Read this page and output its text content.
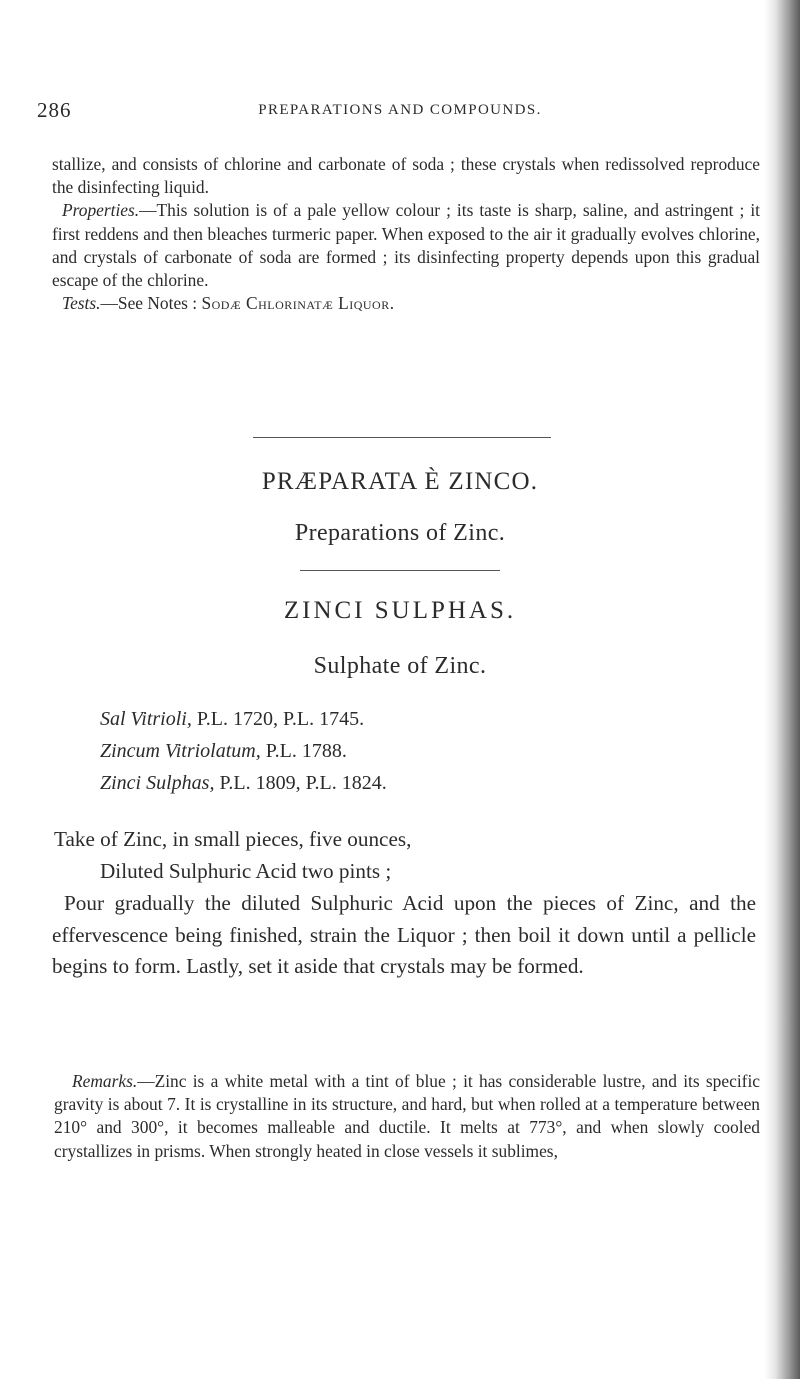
286	PREPARATIONS AND COMPOUNDS.

stallize, and consists of chlorine and carbonate of soda ; these crystals when redissolved reproduce the disinfecting liquid.
Properties.—This solution is of a pale yellow colour ; its taste is sharp, saline, and astringent ; it first reddens and then bleaches turmeric paper. When exposed to the air it gradually evolves chlorine, and crystals of carbonate of soda are formed ; its disinfecting property depends upon this gradual escape of the chlorine.
Tests.—See Notes : Sodæ Chlorinatæ Liquor.

PRÆPARATA È ZINCO.
Preparations of Zinc.
ZINCI SULPHAS.
Sulphate of Zinc.
Sal Vitrioli, P.L. 1720, P.L. 1745.
Zincum Vitriolatum, P.L. 1788.
Zinci Sulphas, P.L. 1809, P.L. 1824.
Take of Zinc, in small pieces, five ounces,
Diluted Sulphuric Acid two pints ;

Pour gradually the diluted Sulphuric Acid upon the pieces of Zinc, and the effervescence being finished, strain the Liquor ; then boil it down until a pellicle begins to form. Lastly, set it aside that crystals may be formed.

Remarks.—Zinc is a white metal with a tint of blue ; it has considerable lustre, and its specific gravity is about 7. It is crystalline in its structure, and hard, but when rolled at a temperature between 210° and 300°, it becomes malleable and ductile. It melts at 773°, and when slowly cooled crystallizes in prisms. When strongly heated in close vessels it sublimes,
